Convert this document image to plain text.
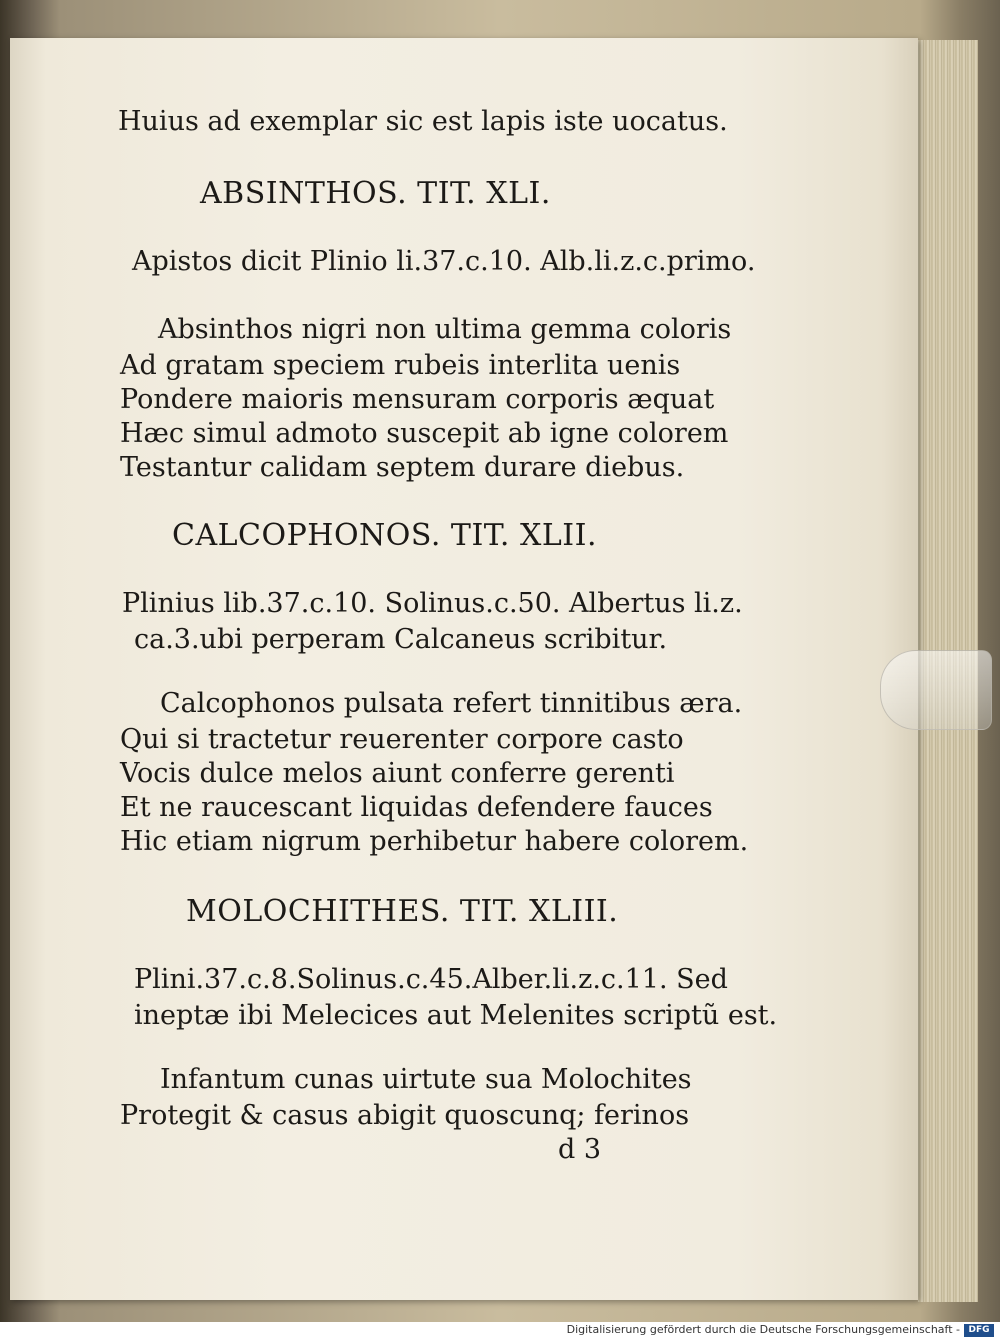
Huius ad exemplar sic est lapis iste uocatus.
ABSINTHOS. TIT. XLI.
Apistos dicit Plinio li.37.c.10. Alb.li.z.c.primo.
Absinthos nigri non ultima gemma coloris
Ad gratam speciem rubeis interlita uenis
Pondere maioris mensuram corporis æquat
Hæc simul admoto suscepit ab igne colorem
Testantur calidam septem durare diebus.
CALCOPHONOS. TIT. XLII.
Plinius lib.37.c.10. Solinus.c.50. Albertus li.z.
ca.3.ubi perperam Calcaneus scribitur.
Calcophonos pulsata refert tinnitibus æra.
Qui si tractetur reuerenter corpore casto
Vocis dulce melos aiunt conferre gerenti
Et ne raucescant liquidas defendere fauces
Hic etiam nigrum perhibetur habere colorem.
MOLOCHITHES. TIT. XLIII.
Plini.37.c.8.Solinus.c.45.Alber.li.z.c.11. Sed
ineptæ ibi Melecices aut Melenites scriptũ est.
Infantum cunas uirtute sua Molochites
Protegit & casus abigit quoscunq; ferinos
d 3
Digitalisierung gefördert durch die Deutsche Forschungsgemeinschaft - DFG
